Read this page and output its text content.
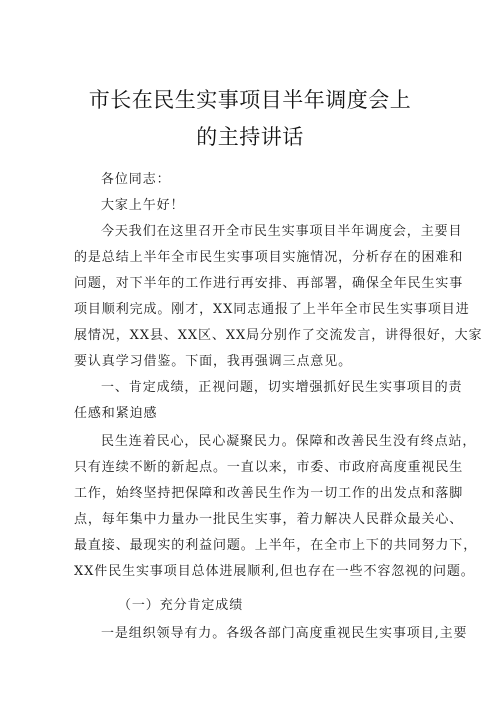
市长在民生实事项目半年调度会上
的主持讲话
各位同志：
大家上午好！
今天我们在这里召开全市民生实事项目半年调度会，主要目
的是总结上半年全市民生实事项目实施情况，分析存在的困难和
问题，对下半年的工作进行再安排、再部署，确保全年民生实事
项目顺利完成。刚才，XX同志通报了上半年全市民生实事项目进
展情况，XX县、XX区、XX局分别作了交流发言，讲得很好，大家
要认真学习借鉴。下面，我再强调三点意见。
一、肯定成绩，正视问题，切实增强抓好民生实事项目的责
任感和紧迫感
民生连着民心，民心凝聚民力。保障和改善民生没有终点站，
只有连续不断的新起点。一直以来，市委、市政府高度重视民生
工作，始终坚持把保障和改善民生作为一切工作的出发点和落脚
点，每年集中力量办一批民生实事，着力解决人民群众最关心、
最直接、最现实的利益问题。上半年，在全市上下的共同努力下，
XX件民生实事项目总体进展顺利,但也存在一些不容忽视的问题。
（一）充分肯定成绩
一是组织领导有力。各级各部门高度重视民生实事项目,主要
